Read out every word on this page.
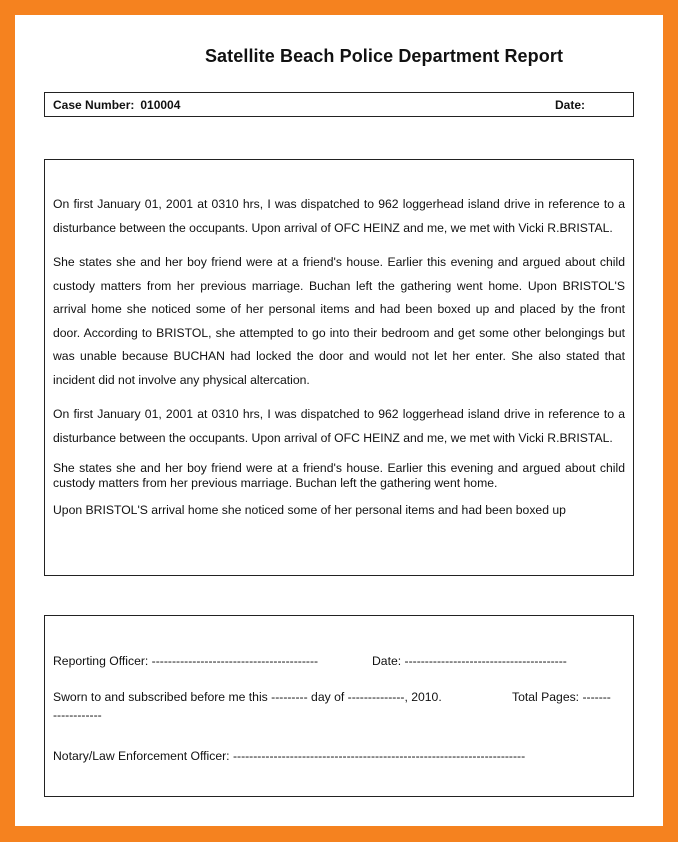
Satellite Beach Police Department Report
Case Number: 010004	Date:

On first January 01, 2001 at 0310 hrs, I was dispatched to 962 loggerhead island drive in reference to a disturbance between the occupants. Upon arrival of OFC HEINZ and me, we met with Vicki R.BRISTAL.

She states she and her boy friend were at a friend's house. Earlier this evening and argued about child custody matters from her previous marriage. Buchan left the gathering went home. Upon BRISTOL'S arrival home she noticed some of her personal items and had been boxed up and placed by the front door. According to BRISTOL, she attempted to go into their bedroom and get some other belongings but was unable because BUCHAN had locked the door and would not let her enter. She also stated that incident did not involve any physical altercation.

On first January 01, 2001 at 0310 hrs, I was dispatched to 962 loggerhead island drive in reference to a disturbance between the occupants. Upon arrival of OFC HEINZ and me, we met with Vicki R.BRISTAL.

She states she and her boy friend were at a friend's house. Earlier this evening and argued about child custody matters from her previous marriage. Buchan left the gathering went home.

Upon BRISTOL'S arrival home she noticed some of her personal items and had been boxed up

Reporting Officer: -----------------------------------------	Date: ----------------------------------------
Sworn to and subscribed before me this --------- day of --------------, 2010.	Total Pages: -------
------------
Notary/Law Enforcement Officer: ------------------------------------------------------------------------
